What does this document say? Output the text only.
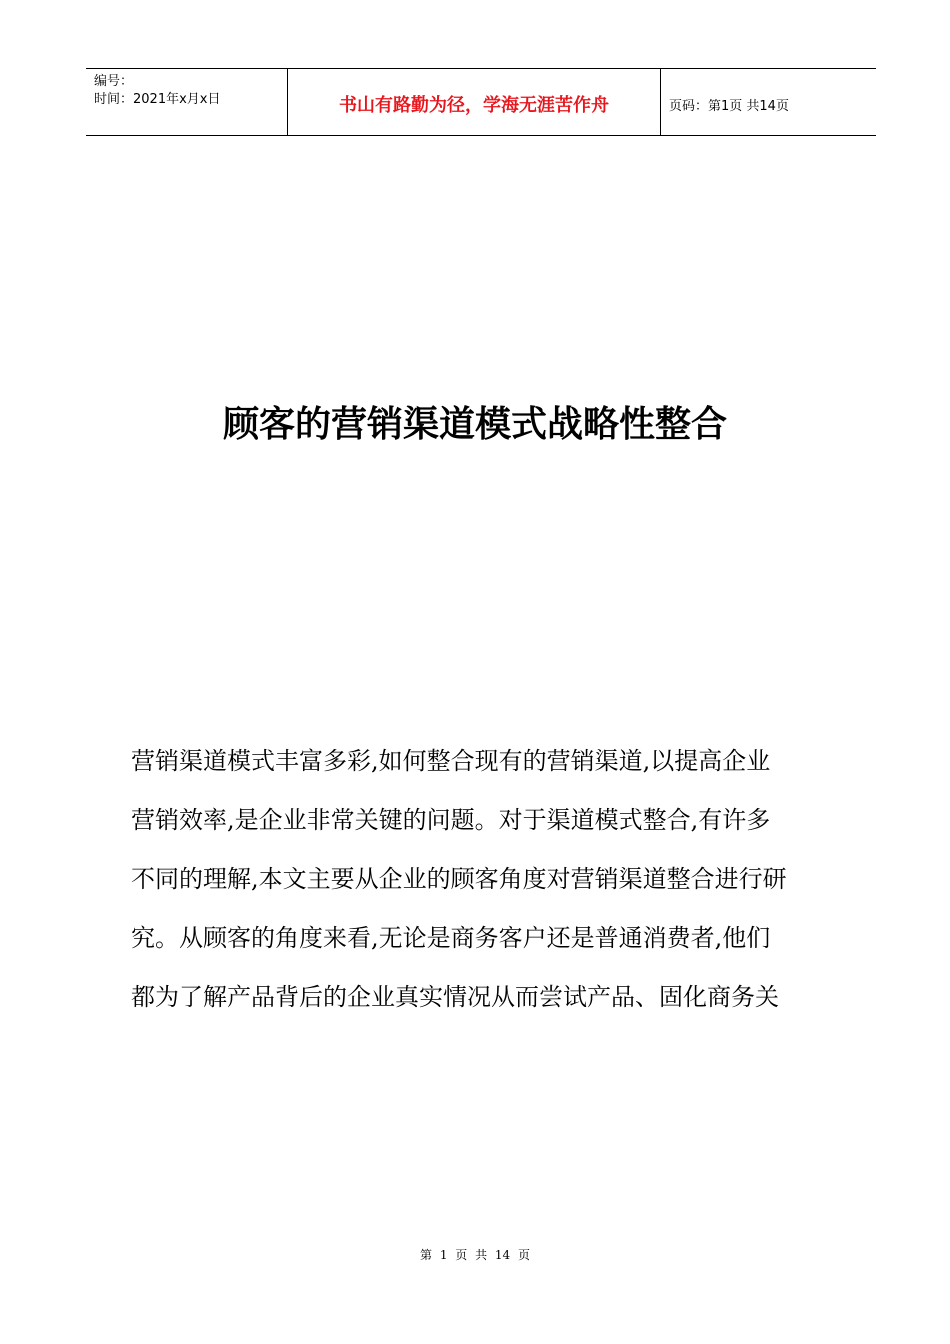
编号：
时间：2021年x月x日	书山有路勤为径，学海无涯苦作舟	页码：第1页 共14页
顾客的营销渠道模式战略性整合

营销渠道模式丰富多彩,如何整合现有的营销渠道,以提高企业
营销效率,是企业非常关键的问题。对于渠道模式整合,有许多
不同的理解,本文主要从企业的顾客角度对营销渠道整合进行研
究。从顾客的角度来看,无论是商务客户还是普通消费者,他们
都为了解产品背后的企业真实情况从而尝试产品、固化商务关

第 1 页 共 14 页
